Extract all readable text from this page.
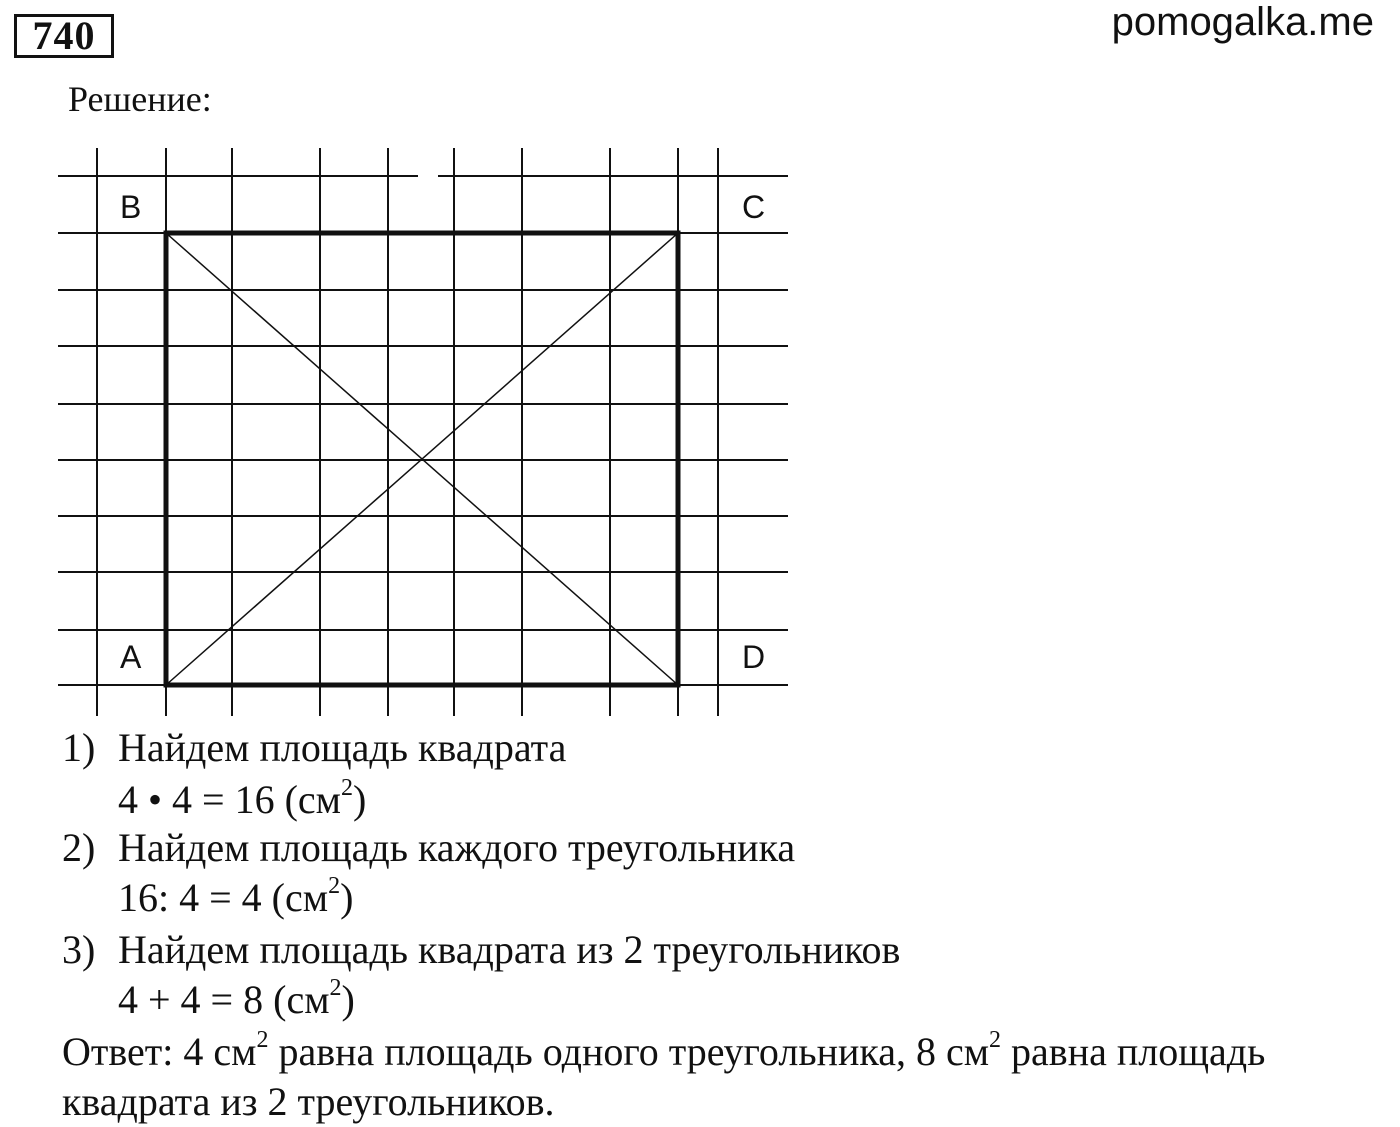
740	pomogalka.me
Решение:
B	C
A	D
1) Найдем площадь квадрата
4 • 4 = 16 $(см^2)$
2) Найдем площадь каждого треугольника
16: 4 = 4 $(см^2)$
3) Найдем площадь квадрата из 2 треугольников
4 + 4 = 8 $(см^2)$
Ответ: 4 $см^2$ равна площадь одного треугольника, 8 $см^2$ равна площадь
квадрата из 2 треугольников.
